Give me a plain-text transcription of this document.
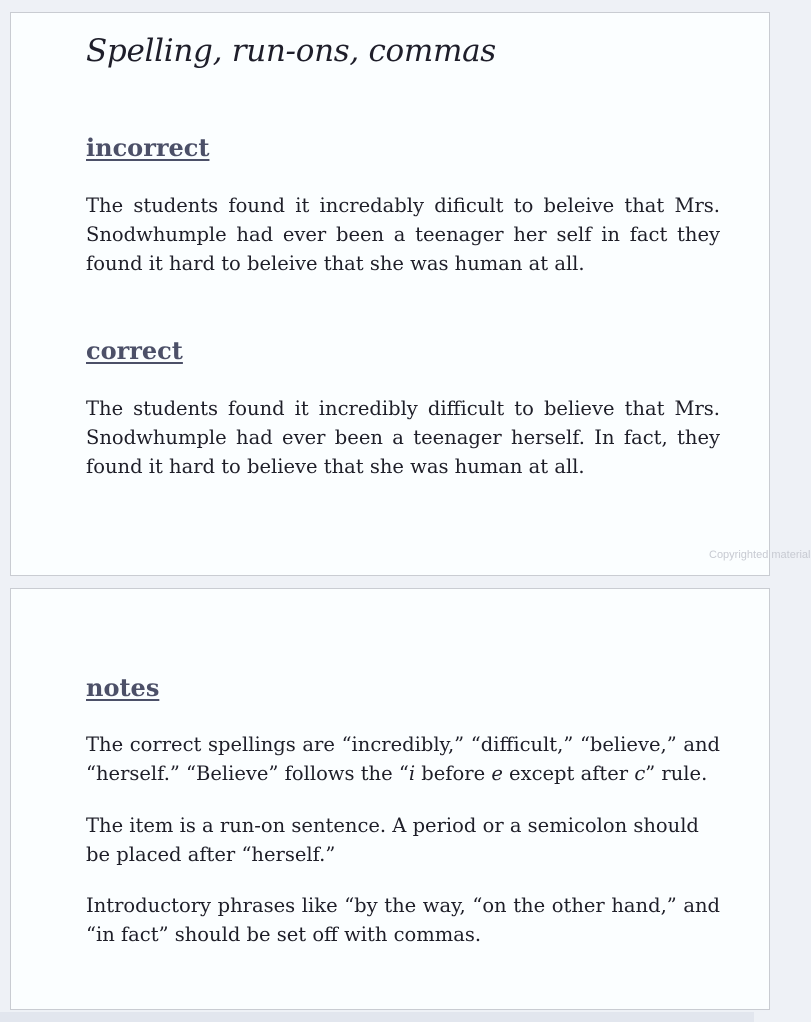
Spelling, run-ons, commas
incorrect

The students found it incredably dificult to beleive that Mrs. Snodwhumple had ever been a teenager her self in fact they found it hard to beleive that she was human at all.

correct

The students found it incredibly difficult to believe that Mrs. Snodwhumple had ever been a teenager herself. In fact, they found it hard to believe that she was human at all.

Copyrighted material
notes

The correct spellings are “incredibly,” “difficult,” “believe,” and “herself.” “Believe” follows the “i before e except after c” rule.

The item is a run-on sentence. A period or a semicolon should be placed after “herself.”

Introductory phrases like “by the way, “on the other hand,” and “in fact” should be set off with commas.
